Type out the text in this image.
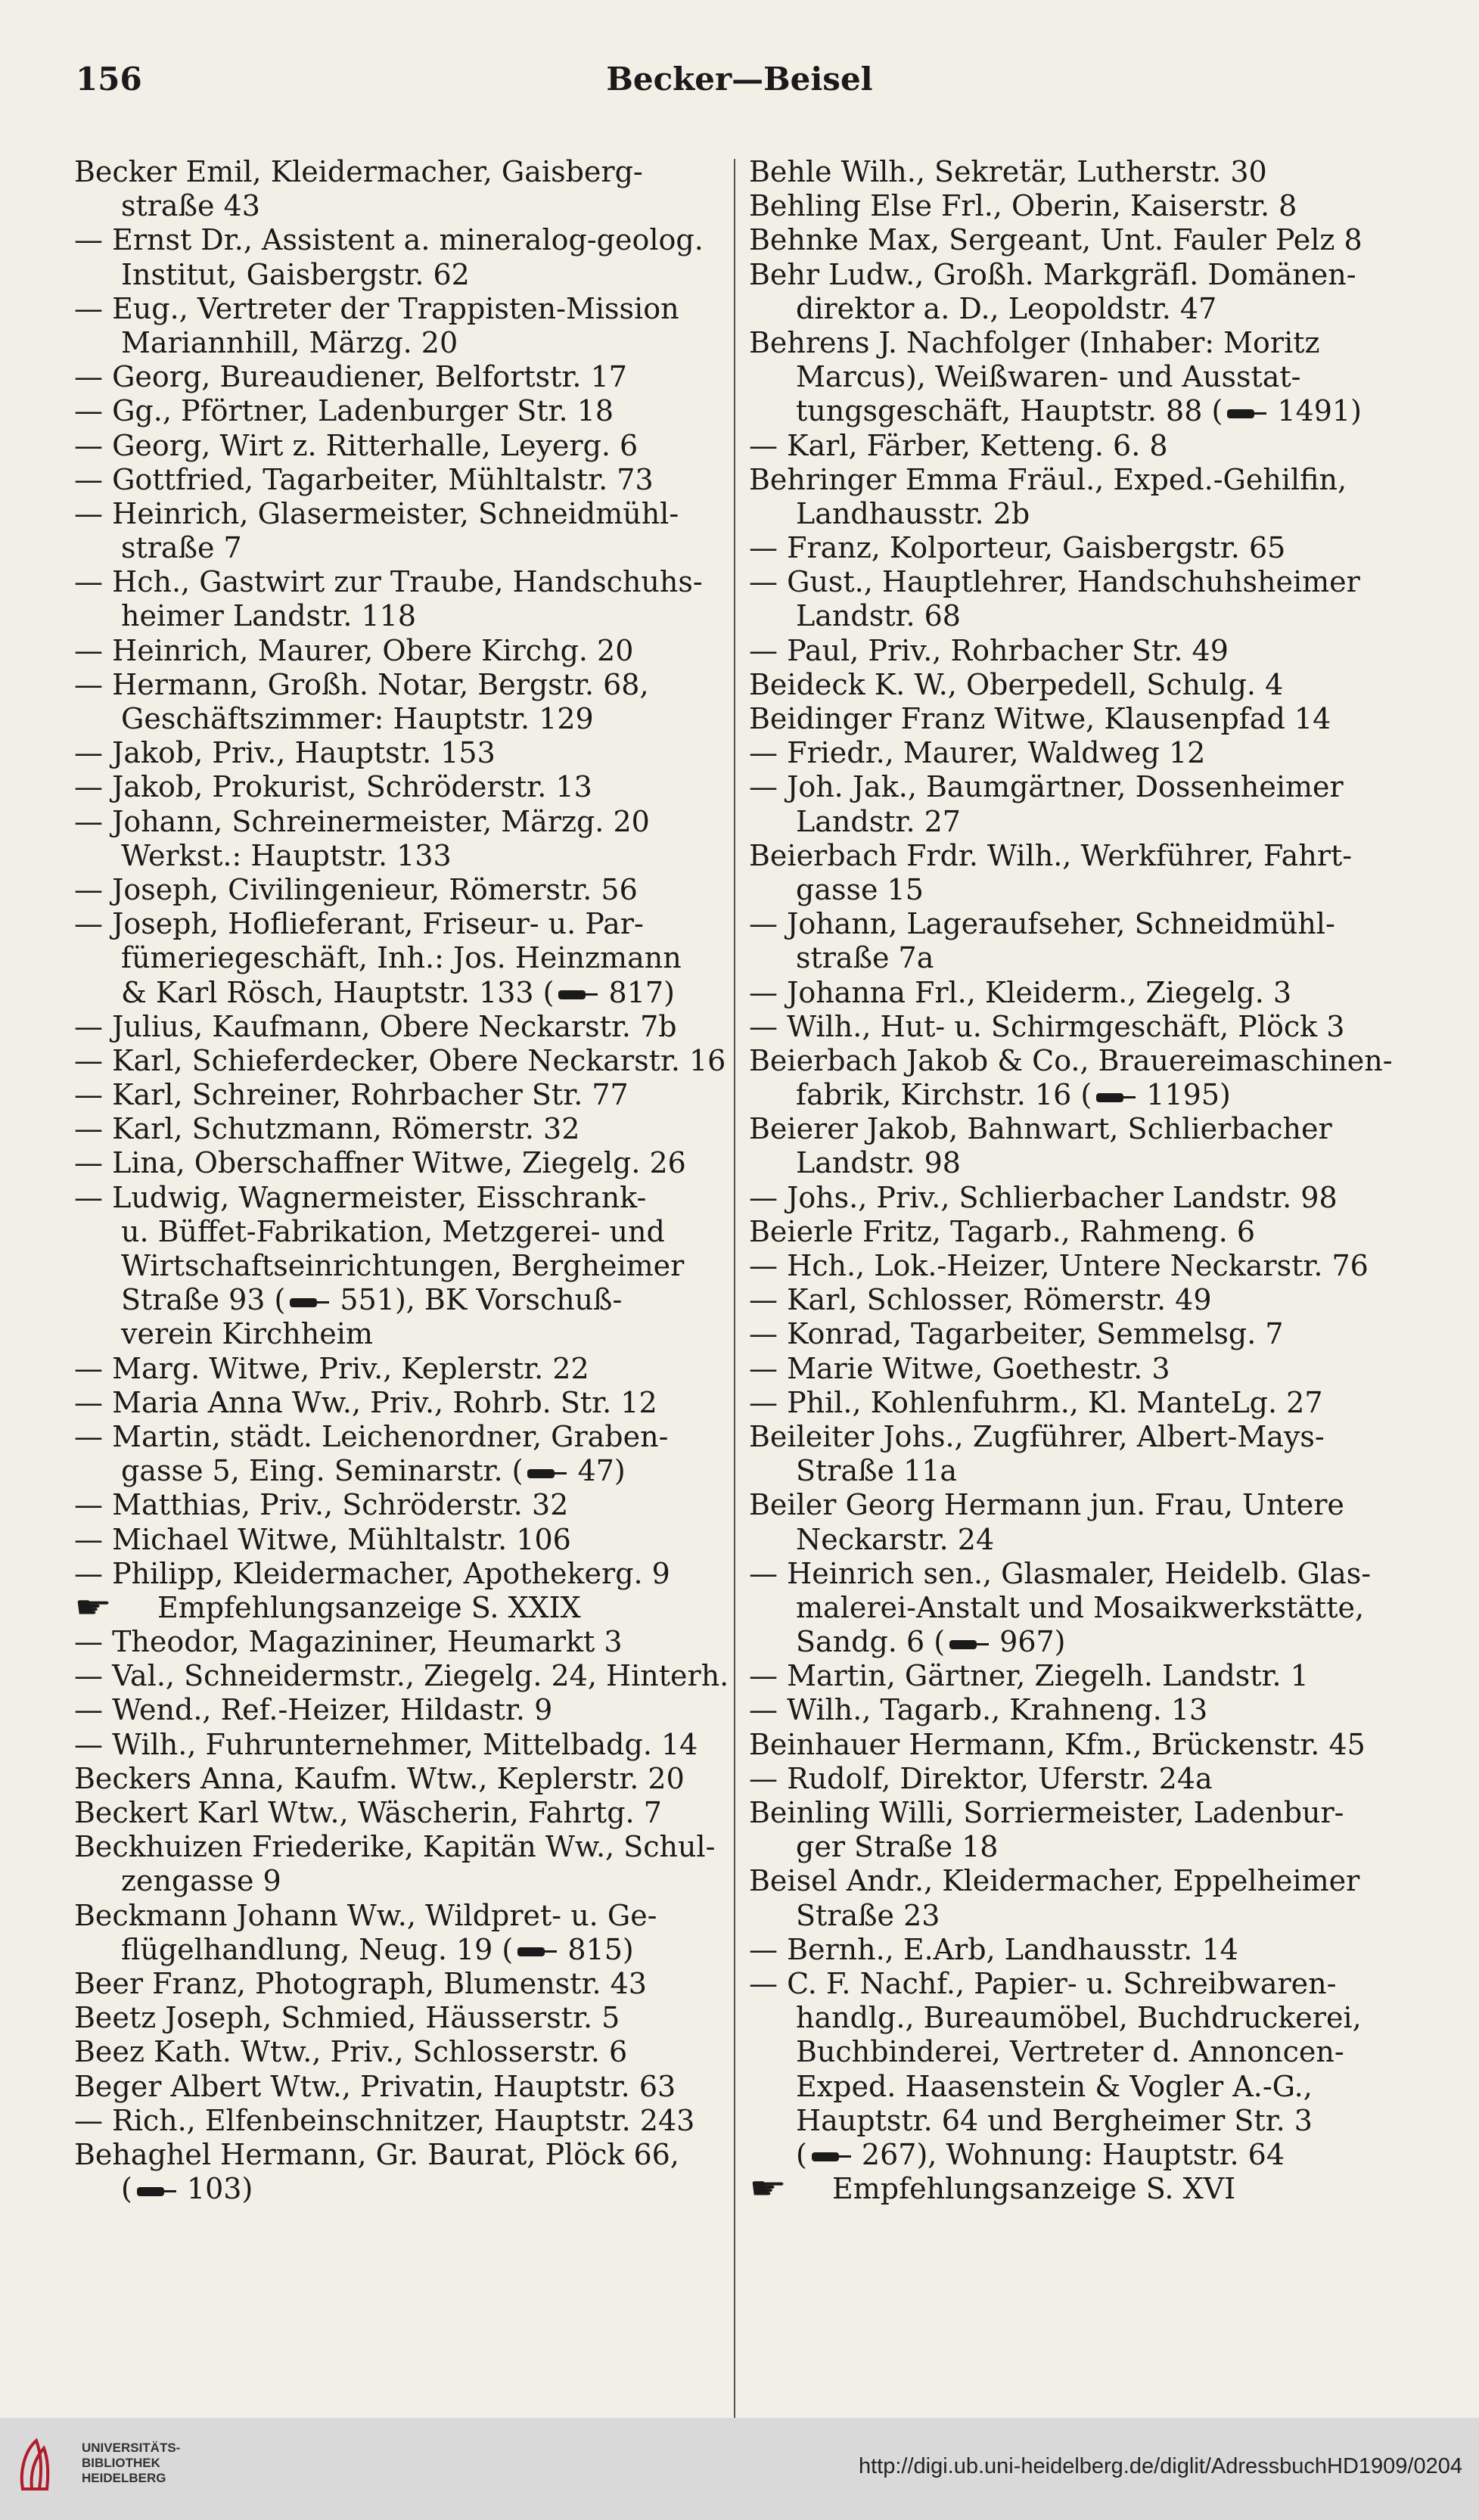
Becker—Beisel
156
Becker Emil, Kleidermacher, Gaisberg-
straße 43
— Ernst Dr., Assistent a. mineralog-geolog.
Institut, Gaisbergstr. 62
— Eug., Vertreter der Trappisten-Mission
Mariannhill, Märzg. 20
— Georg, Bureaudiener, Belfortstr. 17
— Gg., Pförtner, Ladenburger Str. 18
— Georg, Wirt z. Ritterhalle, Leyerg. 6
— Gottfried, Tagarbeiter, Mühltalstr. 73
— Heinrich, Glasermeister, Schneidmühl-
straße 7
— Hch., Gastwirt zur Traube, Handschuhs-
heimer Landstr. 118
— Heinrich, Maurer, Obere Kirchg. 20
— Hermann, Großh. Notar, Bergstr. 68,
Geschäftszimmer: Hauptstr. 129
— Jakob, Priv., Hauptstr. 153
— Jakob, Prokurist, Schröderstr. 13
— Johann, Schreinermeister, Märzg. 20
Werkst.: Hauptstr. 133
— Joseph, Civilingenieur, Römerstr. 56
— Joseph, Hoflieferant, Friseur- u. Par-
fümeriegeschäft, Inh.: Jos. Heinzmann
& Karl Rösch, Hauptstr. 133 ( 817)
— Julius, Kaufmann, Obere Neckarstr. 7b
— Karl, Schieferdecker, Obere Neckarstr. 16
— Karl, Schreiner, Rohrbacher Str. 77
— Karl, Schutzmann, Römerstr. 32
— Lina, Oberschaffner Witwe, Ziegelg. 26
— Ludwig, Wagnermeister, Eisschrank-
u. Büffet-Fabrikation, Metzgerei- und
Wirtschaftseinrichtungen, Bergheimer
Straße 93 ( 551), BK Vorschuß-
verein Kirchheim
— Marg. Witwe, Priv., Keplerstr. 22
— Maria Anna Ww., Priv., Rohrb. Str. 12
— Martin, städt. Leichenordner, Graben-
gasse 5, Eing. Seminarstr. ( 47)
— Matthias, Priv., Schröderstr. 32
— Michael Witwe, Mühltalstr. 106
— Philipp, Kleidermacher, Apothekerg. 9
☛ Empfehlungsanzeige S. XXIX
— Theodor, Magazininer, Heumarkt 3
— Val., Schneidermstr., Ziegelg. 24, Hinterh.
— Wend., Ref.-Heizer, Hildastr. 9
— Wilh., Fuhrunternehmer, Mittelbadg. 14
Beckers Anna, Kaufm. Wtw., Keplerstr. 20
Beckert Karl Wtw., Wäscherin, Fahrtg. 7
Beckhuizen Friederike, Kapitän Ww., Schul-
zengasse 9
Beckmann Johann Ww., Wildpret- u. Ge-
flügelhandlung, Neug. 19 ( 815)
Beer Franz, Photograph, Blumenstr. 43
Beetz Joseph, Schmied, Häusserstr. 5
Beez Kath. Wtw., Priv., Schlosserstr. 6
Beger Albert Wtw., Privatin, Hauptstr. 63
— Rich., Elfenbeinschnitzer, Hauptstr. 243
Behaghel Hermann, Gr. Baurat, Plöck 66,
( 103)
Behle Wilh., Sekretär, Lutherstr. 30
Behling Else Frl., Oberin, Kaiserstr. 8
Behnke Max, Sergeant, Unt. Fauler Pelz 8
Behr Ludw., Großh. Markgräfl. Domänen-
direktor a. D., Leopoldstr. 47
Behrens J. Nachfolger (Inhaber: Moritz
Marcus), Weißwaren- und Ausstat-
tungsgeschäft, Hauptstr. 88 ( 1491)
— Karl, Färber, Ketteng. 6. 8
Behringer Emma Fräul., Exped.-Gehilfin,
Landhausstr. 2b
— Franz, Kolporteur, Gaisbergstr. 65
— Gust., Hauptlehrer, Handschuhsheimer
Landstr. 68
— Paul, Priv., Rohrbacher Str. 49
Beideck K. W., Oberpedell, Schulg. 4
Beidinger Franz Witwe, Klausenpfad 14
— Friedr., Maurer, Waldweg 12
— Joh. Jak., Baumgärtner, Dossenheimer
Landstr. 27
Beierbach Frdr. Wilh., Werkführer, Fahrt-
gasse 15
— Johann, Lageraufseher, Schneidmühl-
straße 7a
— Johanna Frl., Kleiderm., Ziegelg. 3
— Wilh., Hut- u. Schirmgeschäft, Plöck 3
Beierbach Jakob & Co., Brauereimaschinen-
fabrik, Kirchstr. 16 ( 1195)
Beierer Jakob, Bahnwart, Schlierbacher
Landstr. 98
— Johs., Priv., Schlierbacher Landstr. 98
Beierle Fritz, Tagarb., Rahmeng. 6
— Hch., Lok.-Heizer, Untere Neckarstr. 76
— Karl, Schlosser, Römerstr. 49
— Konrad, Tagarbeiter, Semmelsg. 7
— Marie Witwe, Goethestr. 3
— Phil., Kohlenfuhrm., Kl. ManteLg. 27
Beileiter Johs., Zugführer, Albert-Mays-
Straße 11a
Beiler Georg Hermann jun. Frau, Untere
Neckarstr. 24
— Heinrich sen., Glasmaler, Heidelb. Glas-
malerei-Anstalt und Mosaikwerkstätte,
Sandg. 6 ( 967)
— Martin, Gärtner, Ziegelh. Landstr. 1
— Wilh., Tagarb., Krahneng. 13
Beinhauer Hermann, Kfm., Brückenstr. 45
— Rudolf, Direktor, Uferstr. 24a
Beinling Willi, Sorriermeister, Ladenbur-
ger Straße 18
Beisel Andr., Kleidermacher, Eppelheimer
Straße 23
— Bernh., E.Arb, Landhausstr. 14
— C. F. Nachf., Papier- u. Schreibwaren-
handlg., Bureaumöbel, Buchdruckerei,
Buchbinderei, Vertreter d. Annoncen-
Exped. Haasenstein & Vogler A.-G.,
Hauptstr. 64 und Bergheimer Str. 3
( 267), Wohnung: Hauptstr. 64
☛ Empfehlungsanzeige S. XVI
UNIVERSITÄTS-
BIBLIOTHEK
HEIDELBERG	http://digi.ub.uni-heidelberg.de/diglit/AdressbuchHD1909/0204
